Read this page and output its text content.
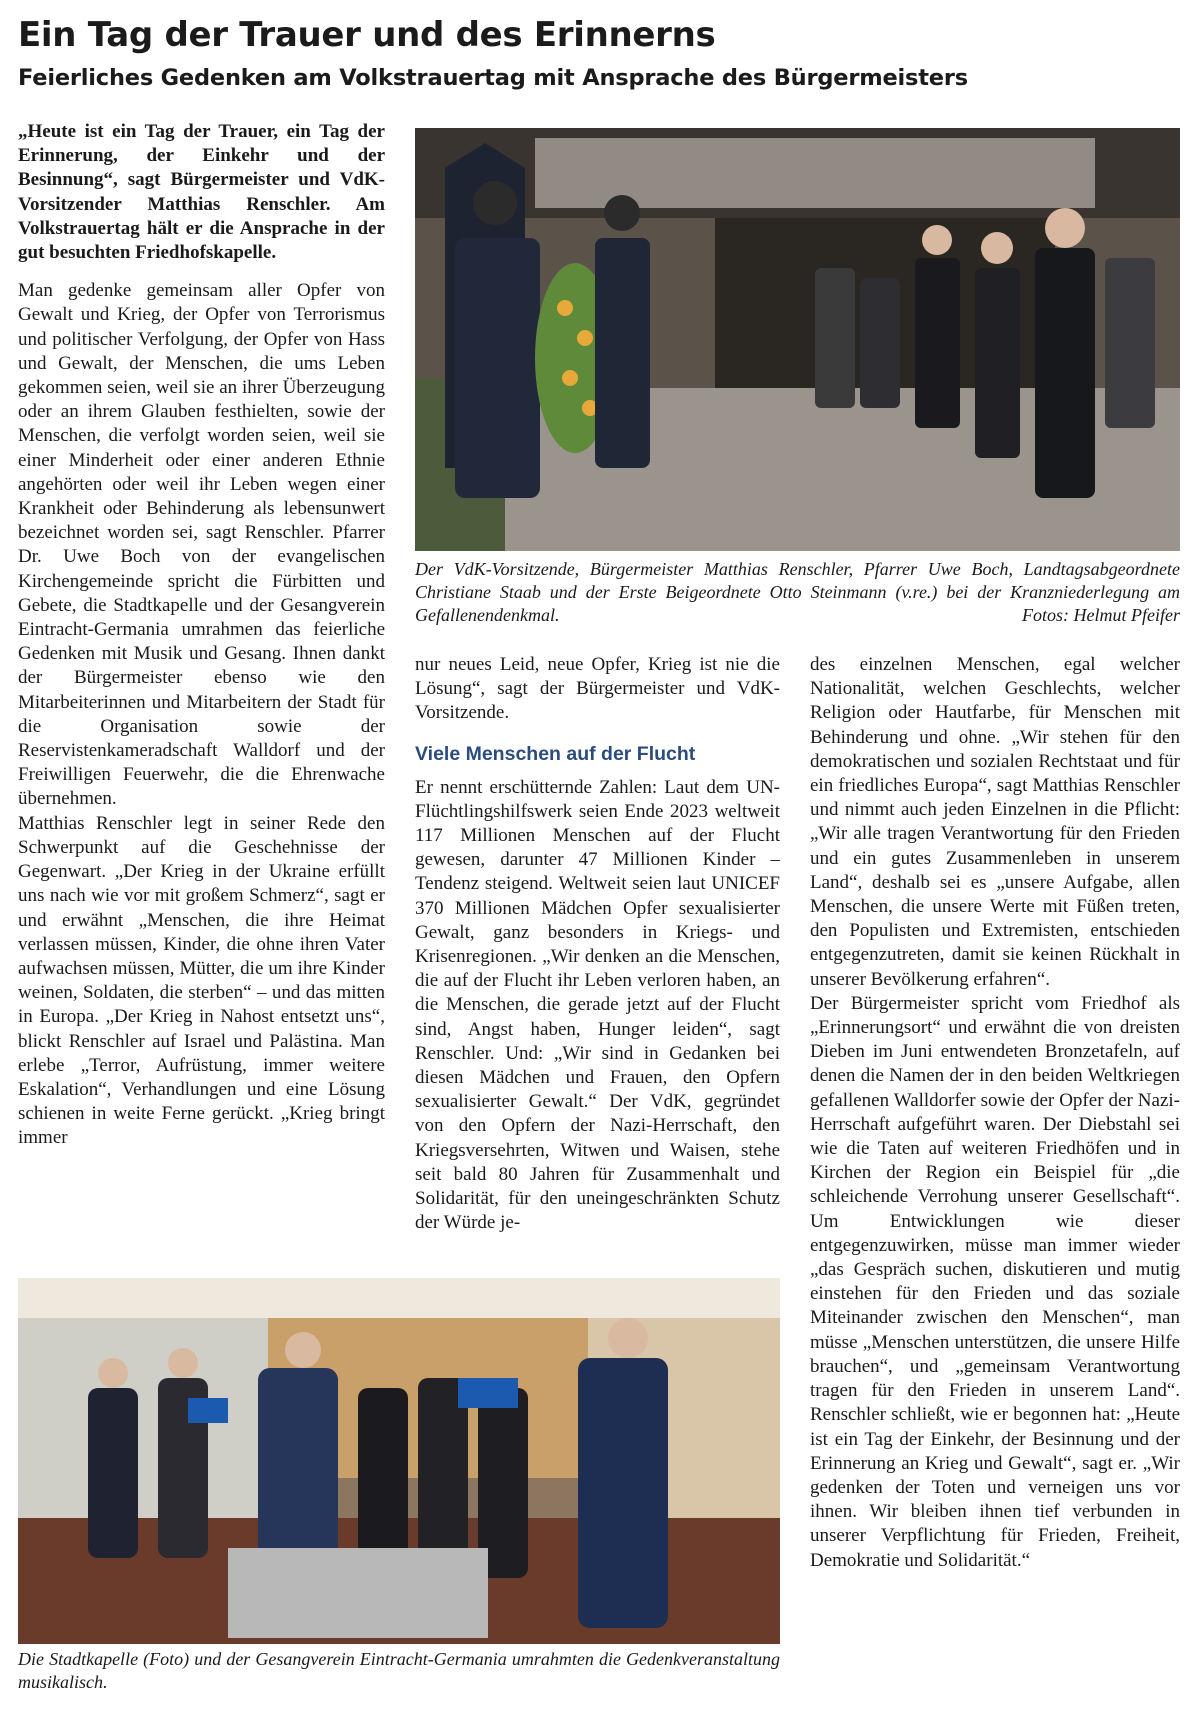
Ein Tag der Trauer und des Erinnerns
Feierliches Gedenken am Volkstrauertag mit Ansprache des Bürgermeisters

„Heute ist ein Tag der Trauer, ein Tag der Erinnerung, der Einkehr und der Besinnung“, sagt Bürgermeister und VdK-Vorsitzender Matthias Renschler. Am Volkstrauertag hält er die Ansprache in der gut besuchten Friedhofskapelle.

Man gedenke gemeinsam aller Opfer von Gewalt und Krieg, der Opfer von Terrorismus und politischer Verfolgung, der Opfer von Hass und Gewalt, der Menschen, die ums Leben gekommen seien, weil sie an ihrer Überzeugung oder an ihrem Glauben festhielten, sowie der Menschen, die verfolgt worden seien, weil sie einer Minderheit oder einer anderen Ethnie angehörten oder weil ihr Leben wegen einer Krankheit oder Behinderung als lebensunwert bezeichnet worden sei, sagt Renschler. Pfarrer Dr. Uwe Boch von der evangelischen Kirchengemeinde spricht die Fürbitten und Gebete, die Stadtkapelle und der Gesangverein Eintracht-Germania umrahmen das feierliche Gedenken mit Musik und Gesang. Ihnen dankt der Bürgermeister ebenso wie den Mitarbeiterinnen und Mitarbeitern der Stadt für die Organisation sowie der Reservistenkameradschaft Walldorf und der Freiwilligen Feuerwehr, die die Ehrenwache übernehmen.

Matthias Renschler legt in seiner Rede den Schwerpunkt auf die Geschehnisse der Gegenwart. „Der Krieg in der Ukraine erfüllt uns nach wie vor mit großem Schmerz“, sagt er und erwähnt „Menschen, die ihre Heimat verlassen müssen, Kinder, die ohne ihren Vater aufwachsen müssen, Mütter, die um ihre Kinder weinen, Soldaten, die sterben“ – und das mitten in Europa. „Der Krieg in Nahost entsetzt uns“, blickt Renschler auf Israel und Palästina. Man erlebe „Terror, Aufrüstung, immer weitere Eskalation“, Verhandlungen und eine Lösung schienen in weite Ferne gerückt. „Krieg bringt immer

Der VdK-Vorsitzende, Bürgermeister Matthias Renschler, Pfarrer Uwe Boch, Landtagsabgeordnete Christiane Staab und der Erste Beigeordnete Otto Steinmann (v.re.) bei der Kranzniederlegung am Gefallenendenkmal.	Fotos: Helmut Pfeifer

nur neues Leid, neue Opfer, Krieg ist nie die Lösung“, sagt der Bürgermeister und VdK-Vorsitzende.

Viele Menschen auf der Flucht

Er nennt erschütternde Zahlen: Laut dem UN-Flüchtlingshilfswerk seien Ende 2023 weltweit 117 Millionen Menschen auf der Flucht gewesen, darunter 47 Millionen Kinder – Tendenz steigend. Weltweit seien laut UNICEF 370 Millionen Mädchen Opfer sexualisierter Gewalt, ganz besonders in Kriegs- und Krisenregionen. „Wir denken an die Menschen, die auf der Flucht ihr Leben verloren haben, an die Menschen, die gerade jetzt auf der Flucht sind, Angst haben, Hunger leiden“, sagt Renschler. Und: „Wir sind in Gedanken bei diesen Mädchen und Frauen, den Opfern sexualisierter Gewalt.“ Der VdK, gegründet von den Opfern der Nazi-Herrschaft, den Kriegsversehrten, Witwen und Waisen, stehe seit bald 80 Jahren für Zusammenhalt und Solidarität, für den uneingeschränkten Schutz der Würde je-

des einzelnen Menschen, egal welcher Nationalität, welchen Geschlechts, welcher Religion oder Hautfarbe, für Menschen mit Behinderung und ohne. „Wir stehen für den demokratischen und sozialen Rechtstaat und für ein friedliches Europa“, sagt Matthias Renschler und nimmt auch jeden Einzelnen in die Pflicht: „Wir alle tragen Verantwortung für den Frieden und ein gutes Zusammenleben in unserem Land“, deshalb sei es „unsere Aufgabe, allen Menschen, die unsere Werte mit Füßen treten, den Populisten und Extremisten, entschieden entgegenzutreten, damit sie keinen Rückhalt in unserer Bevölkerung erfahren“.

Der Bürgermeister spricht vom Friedhof als „Erinnerungsort“ und erwähnt die von dreisten Dieben im Juni entwendeten Bronzetafeln, auf denen die Namen der in den beiden Weltkriegen gefallenen Walldorfer sowie der Opfer der Nazi-Herrschaft aufgeführt waren. Der Diebstahl sei wie die Taten auf weiteren Friedhöfen und in Kirchen der Region ein Beispiel für „die schleichende Verrohung unserer Gesellschaft“. Um Entwicklungen wie dieser entgegenzuwirken, müsse man immer wieder „das Gespräch suchen, diskutieren und mutig einstehen für den Frieden und das soziale Miteinander zwischen den Menschen“, man müsse „Menschen unterstützen, die unsere Hilfe brauchen“, und „gemeinsam Verantwortung tragen für den Frieden in unserem Land“. Renschler schließt, wie er begonnen hat: „Heute ist ein Tag der Einkehr, der Besinnung und der Erinnerung an Krieg und Gewalt“, sagt er. „Wir gedenken der Toten und verneigen uns vor ihnen. Wir bleiben ihnen tief verbunden in unserer Verpflichtung für Frieden, Freiheit, Demokratie und Solidarität.“

Die Stadtkapelle (Foto) und der Gesangverein Eintracht-Germania umrahmten die Gedenkveranstaltung musikalisch.
